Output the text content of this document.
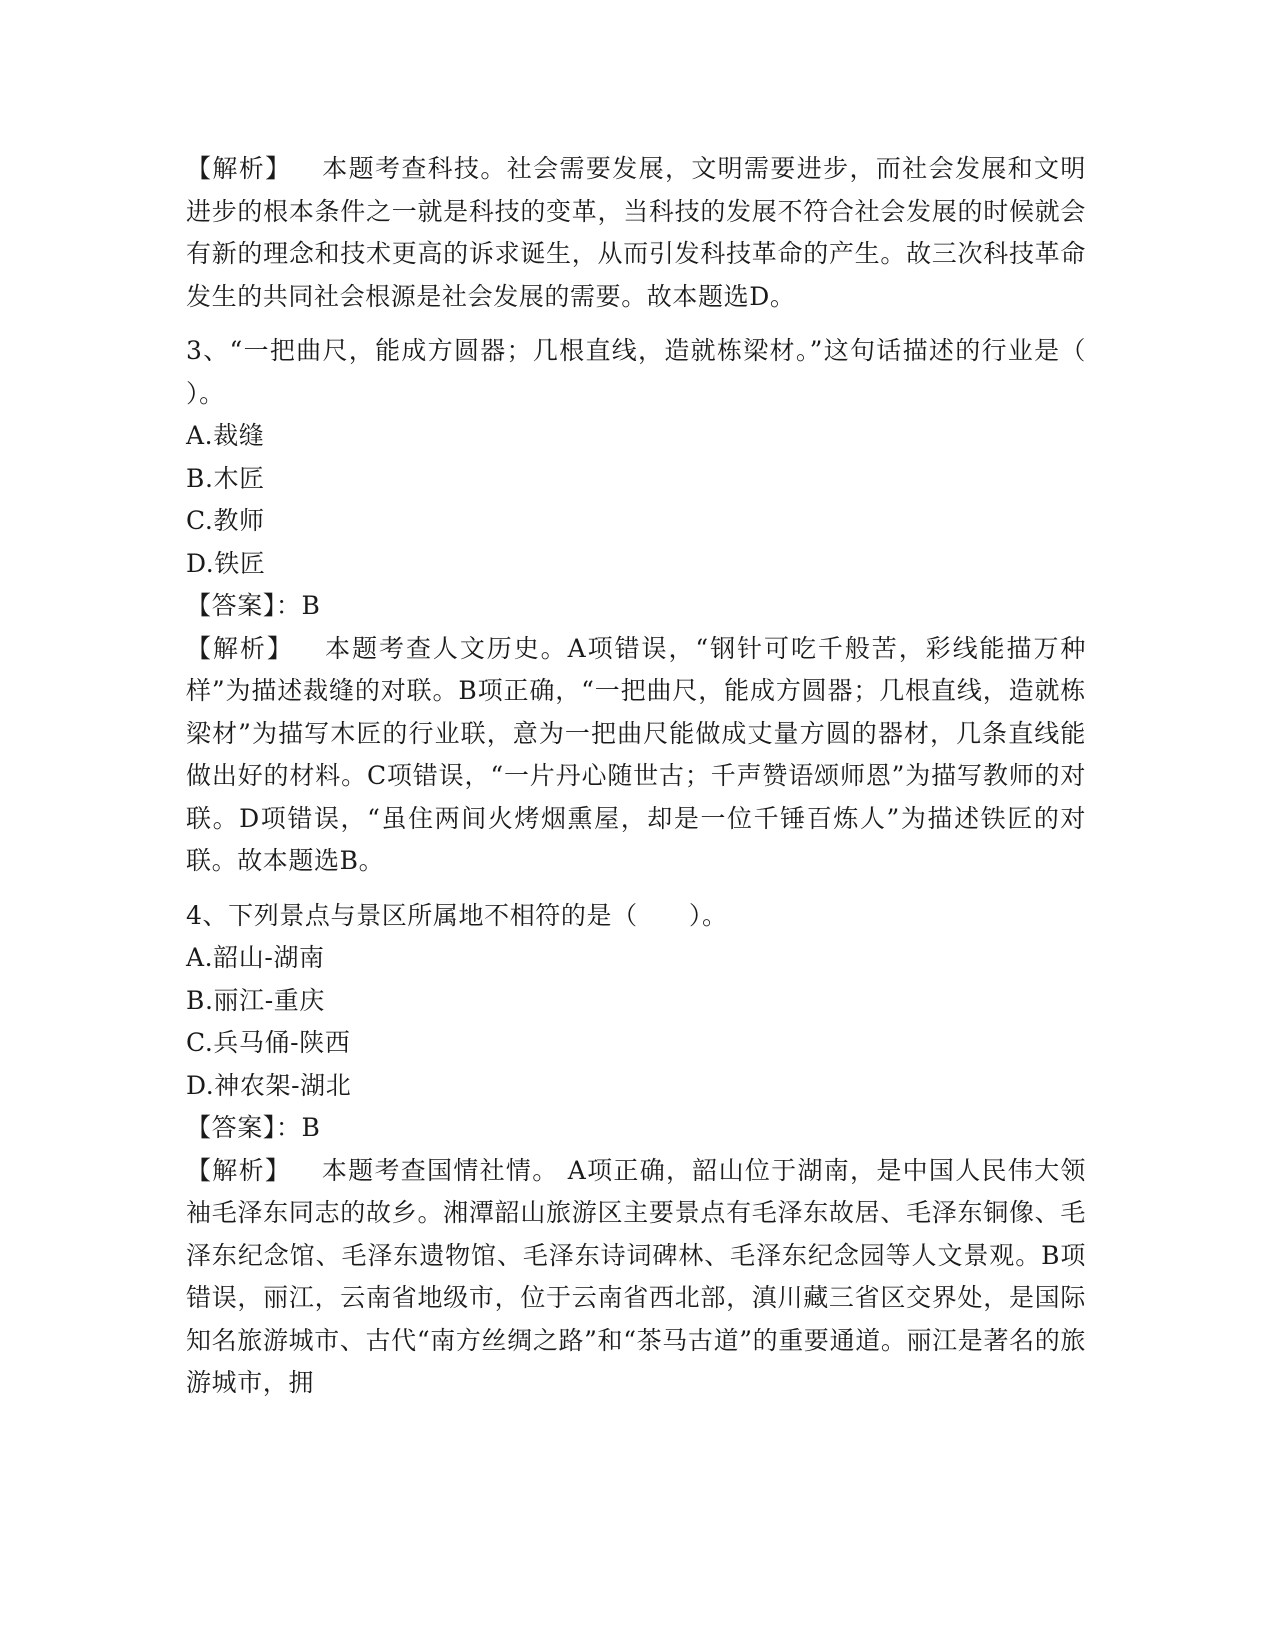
【解析】 本题考查科技。社会需要发展，文明需要进步，而社会发展和文明进步的根本条件之一就是科技的变革，当科技的发展不符合社会发展的时候就会有新的理念和技术更高的诉求诞生，从而引发科技革命的产生。故三次科技革命发生的共同社会根源是社会发展的需要。故本题选D。

3、“一把曲尺，能成方圆器；几根直线，造就栋梁材。”这句话描述的行业是（　　）。

A.裁缝

B.木匠

C.教师

D.铁匠

【答案】：B

【解析】 本题考查人文历史。A项错误，“钢针可吃千般苦，彩线能描万种样”为描述裁缝的对联。B项正确，“一把曲尺，能成方圆器；几根直线，造就栋梁材”为描写木匠的行业联，意为一把曲尺能做成丈量方圆的器材，几条直线能做出好的材料。C项错误，“一片丹心随世古；千声赞语颂师恩”为描写教师的对联。D项错误，“虽住两间火烤烟熏屋，却是一位千锤百炼人”为描述铁匠的对联。故本题选B。

4、下列景点与景区所属地不相符的是（　　）。

A.韶山-湖南

B.丽江-重庆

C.兵马俑-陕西

D.神农架-湖北

【答案】：B

【解析】 本题考查国情社情。 A项正确，韶山位于湖南，是中国人民伟大领袖毛泽东同志的故乡。湘潭韶山旅游区主要景点有毛泽东故居、毛泽东铜像、毛泽东纪念馆、毛泽东遗物馆、毛泽东诗词碑林、毛泽东纪念园等人文景观。B项错误，丽江，云南省地级市，位于云南省西北部，滇川藏三省区交界处，是国际知名旅游城市、古代“南方丝绸之路”和“茶马古道”的重要通道。丽江是著名的旅游城市，拥
